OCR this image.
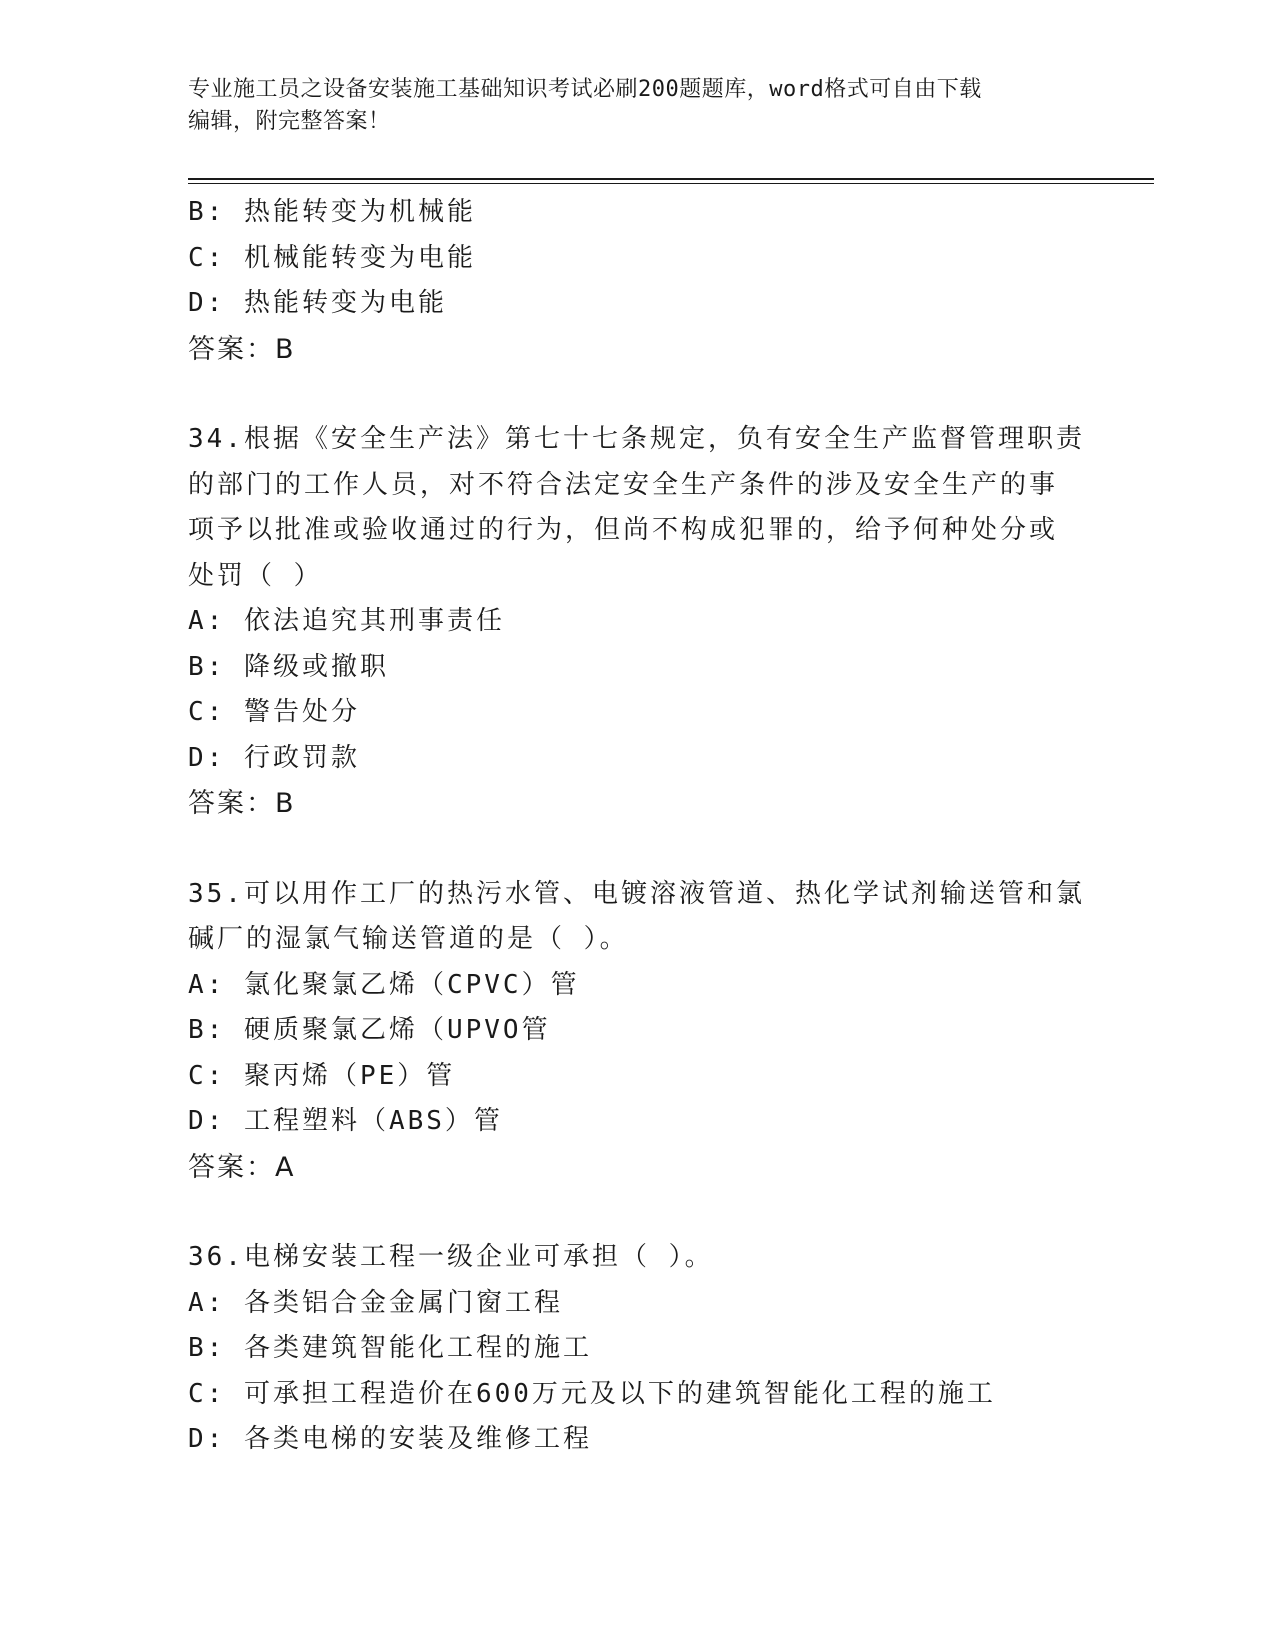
专业施工员之设备安装施工基础知识考试必刷200题题库，word格式可自由下载
编辑，附完整答案！
B: 热能转变为机械能
C: 机械能转变为电能
D: 热能转变为电能
答案：B
34.根据《安全生产法》第七十七条规定，负有安全生产监督管理职责
的部门的工作人员，对不符合法定安全生产条件的涉及安全生产的事
项予以批准或验收通过的行为，但尚不构成犯罪的，给予何种处分或
处罚（ ）
A: 依法追究其刑事责任
B: 降级或撤职
C: 警告处分
D: 行政罚款
答案：B
35.可以用作工厂的热污水管、电镀溶液管道、热化学试剂输送管和氯
碱厂的湿氯气输送管道的是（ ）。
A: 氯化聚氯乙烯（CPVC）管
B: 硬质聚氯乙烯（UPVO管
C: 聚丙烯（PE）管
D: 工程塑料（ABS）管
答案：A
36.电梯安装工程一级企业可承担（ ）。
A: 各类铝合金金属门窗工程
B: 各类建筑智能化工程的施工
C: 可承担工程造价在600万元及以下的建筑智能化工程的施工
D: 各类电梯的安装及维修工程
